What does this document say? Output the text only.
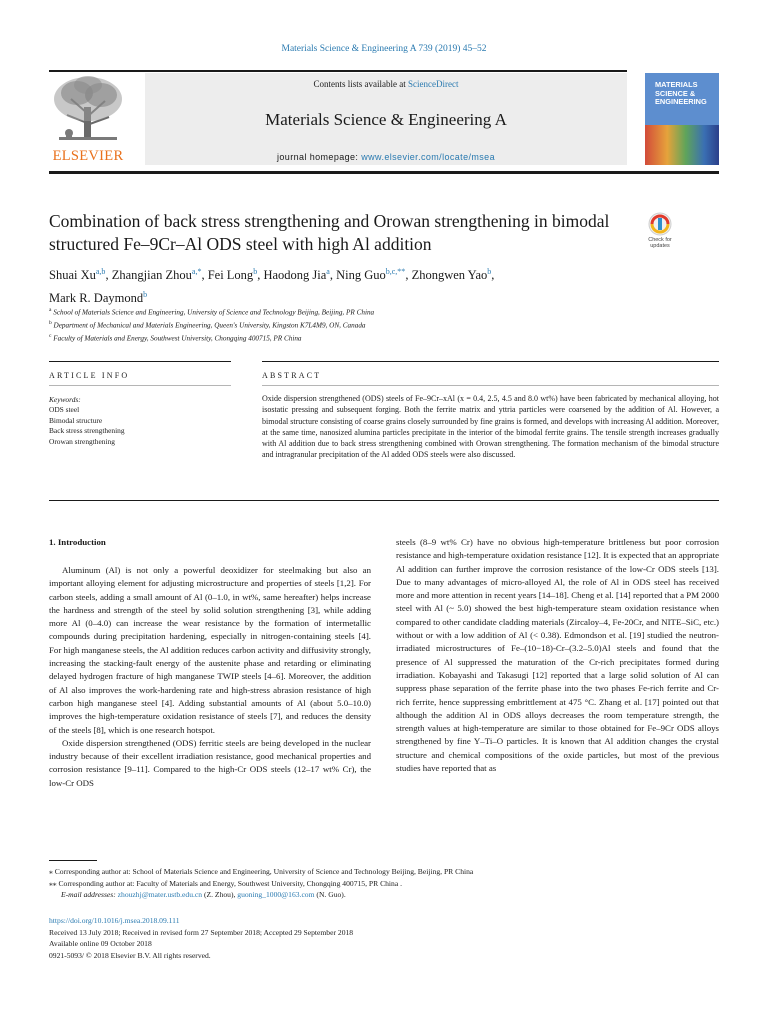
Materials Science & Engineering A 739 (2019) 45–52
ELSEVIER
Contents lists available at ScienceDirect
Materials Science & Engineering A
journal homepage: www.elsevier.com/locate/msea
MATERIALS SCIENCE & ENGINEERING
Combination of back stress strengthening and Orowan strengthening in bimodal structured Fe–9Cr–Al ODS steel with high Al addition	Check for updates
Shuai Xu$^{a,b}$, Zhangjian Zhou$^{a,*}$, Fei Long$^b$, Haodong Jia$^a$, Ning Guo$^{b,c,**}$, Zhongwen Yao$^b$,
Mark R. Daymond$^b$
$^a$ School of Materials Science and Engineering, University of Science and Technology Beijing, Beijing, PR China
$^b$ Department of Mechanical and Materials Engineering, Queen's University, Kingston K7L4M9, ON, Canada
$^c$ Faculty of Materials and Energy, Southwest University, Chongqing 400715, PR China
ARTICLE INFO	ABSTRACT
Keywords:
ODS steel
Bimodal structure
Back stress strengthening
Orowan strengthening
Oxide dispersion strengthened (ODS) steels of Fe–9Cr–xAl (x = 0.4, 2.5, 4.5 and 8.0 wt%) have been fabricated by mechanical alloying, hot isostatic pressing and subsequent forging. Both the ferrite matrix and yttria particles were coarsened by the addition of Al. However, a bimodal structure consisting of coarse grains closely surrounded by fine grains is formed, and develops with increasing Al addition. Moreover, at the same time, nanosized alumina particles precipitate in the interior of the bimodal ferrite grains. The tensile strength increases gradually with Al addition due to back stress strengthening combined with Orowan strengthening. The formation mechanism of the bimodal structure and intragranular precipitation of the Al added ODS steels were also discussed.
1. Introduction

Aluminum (Al) is not only a powerful deoxidizer for steelmaking but also an important alloying element for adjusting microstructure and properties of steels [1,2]. For carbon steels, adding a small amount of Al (0–1.0, in wt%, same hereafter) helps increase the hardness and strength of the steel by solid solution strengthening [3], while adding more Al (0–4.0) can increase the wear resistance by the formation of intermetallic compounds during precipitation hardening, especially in nitrogen-containing steels [4]. For high manganese steels, the Al addition reduces carbon activity and diffusivity strongly, increasing the stacking-fault energy of the austenite phase and retarding or eliminating delayed hydrogen fracture of high manganese TWIP steels [4–6]. Moreover, the addition of Al also improves the work-hardening rate and high-stress abrasion resistance of high carbon high manganese steel [4]. Adding substantial amounts of Al (about 5.0–10.0) improves the high-temperature oxidation resistance of steels [7], and reduces the density of the steels [8], which is one research hotspot.

Oxide dispersion strengthened (ODS) ferritic steels are being developed in the nuclear industry because of their excellent irradiation resistance, good mechanical properties and corrosion resistance [9–11]. Compared to the high-Cr ODS steels (12–17 wt% Cr), the low-Cr ODS

steels (8–9 wt% Cr) have no obvious high-temperature brittleness but poor corrosion resistance and high-temperature oxidation resistance [12]. It is expected that an appropriate Al addition can further improve the corrosion resistance of the low-Cr ODS steels [13]. Due to many advantages of micro-alloyed Al, the role of Al in ODS steel has received more and more attention in recent years [14–18]. Cheng et al. [14] reported that a PM 2000 steel with Al (~ 5.0) showed the best high-temperature steam oxidation resistance when compared to other candidate cladding materials (Zircaloy–4, Fe-20Cr, and NITE–SiC, etc.) without or with a low addition of Al (< 0.38). Edmondson et al. [19] studied the neutron-irradiated microstructures of Fe–(10−18)-Cr–(3.2–5.0)Al steels and found that the presence of Al suppressed the maturation of the Cr-rich precipitates formed during irradiation. Kobayashi and Takasugi [12] reported that a large solid solution of Al can suppress phase separation of the ferrite phase into the two phases Fe-rich ferrite and Cr-rich ferrite, hence suppressing embrittlement at 475 °C. Zhang et al. [17] pointed out that although the addition Al in ODS alloys decreases the room temperature strength, the strength values at high-temperature are similar to those obtained for Fe–9Cr ODS alloys strengthened by fine Y–Ti–O particles. It is known that Al addition changes the crystal structure and chemical compositions of the oxide particles, but most of the previous studies have reported that as

⁎ Corresponding author at: School of Materials Science and Engineering, University of Science and Technology Beijing, Beijing, PR China
⁎⁎ Corresponding author at: Faculty of Materials and Energy, Southwest University, Chongqing 400715, PR China .
E-mail addresses: zhouzhj@mater.ustb.edu.cn (Z. Zhou), guoning_1000@163.com (N. Guo).
https://doi.org/10.1016/j.msea.2018.09.111
Received 13 July 2018; Received in revised form 27 September 2018; Accepted 29 September 2018
Available online 09 October 2018
0921-5093/ © 2018 Elsevier B.V. All rights reserved.
